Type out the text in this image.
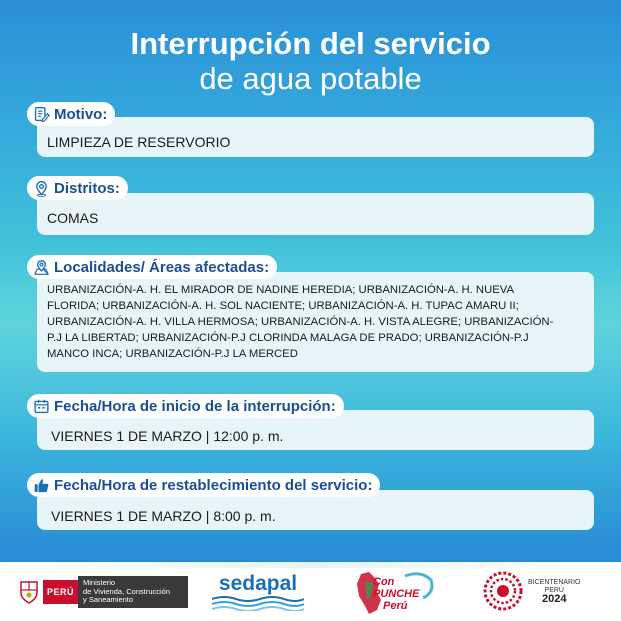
Interrupción del servicio
de agua potable
LIMPIEZA DE RESERVORIO
Motivo:
COMAS
Distritos:
URBANIZACIÓN-A. H. EL MIRADOR DE NADINE HEREDIA; URBANIZACIÓN-A. H. NUEVA
FLORIDA; URBANIZACIÓN-A. H. SOL NACIENTE; URBANIZACIÓN-A. H. TUPAC AMARU II;
URBANIZACIÓN-A. H. VILLA HERMOSA; URBANIZACIÓN-A. H. VISTA ALEGRE; URBANIZACIÓN-
P.J LA LIBERTAD; URBANIZACIÓN-P.J CLORINDA MALAGA DE PRADO; URBANIZACIÓN-P.J
MANCO INCA; URBANIZACIÓN-P.J LA MERCED
Localidades/ Áreas afectadas:
VIERNES 1 DE MARZO | 12:00 p. m.
Fecha/Hora de inicio de la interrupción:
VIERNES 1 DE MARZO | 8:00 p. m.
Fecha/Hora de restablecimiento del servicio:
PERÚ
Ministerio
de Vivienda, Construcción
y Saneamiento
sedapal	Con
PUNCHE
Perú
BICENTENARIO
PERÚ
2024
